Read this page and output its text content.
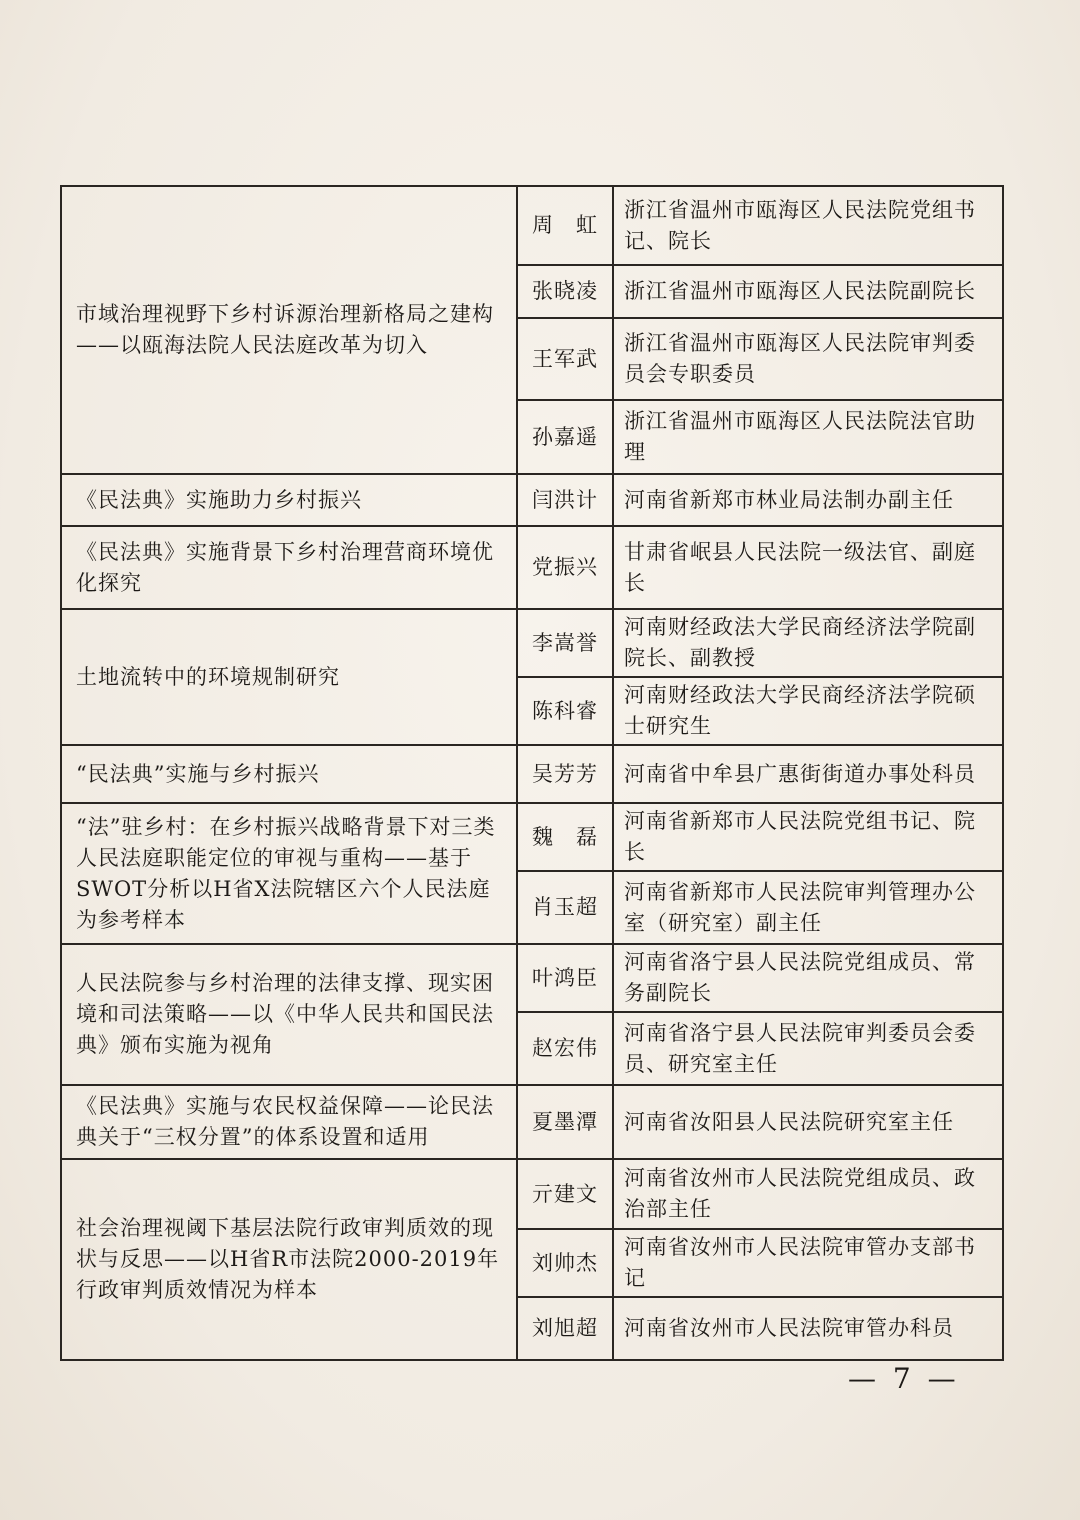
市域治理视野下乡村诉源治理新格局之建构——以瓯海法院人民法庭改革为切入	周　虹	浙江省温州市瓯海区人民法院党组书记、院长
	张晓凌	浙江省温州市瓯海区人民法院副院长
	王军武	浙江省温州市瓯海区人民法院审判委员会专职委员
	孙嘉遥	浙江省温州市瓯海区人民法院法官助理
《民法典》实施助力乡村振兴	闫洪计	河南省新郑市林业局法制办副主任
《民法典》实施背景下乡村治理营商环境优化探究	党振兴	甘肃省岷县人民法院一级法官、副庭长
土地流转中的环境规制研究	李嵩誉	河南财经政法大学民商经济法学院副院长、副教授
	陈科睿	河南财经政法大学民商经济法学院硕士研究生
“民法典”实施与乡村振兴	吴芳芳	河南省中牟县广惠街街道办事处科员
“法”驻乡村：在乡村振兴战略背景下对三类人民法庭职能定位的审视与重构——基于SWOT分析以H省X法院辖区六个人民法庭为参考样本	魏　磊	河南省新郑市人民法院党组书记、院长
	肖玉超	河南省新郑市人民法院审判管理办公室（研究室）副主任
人民法院参与乡村治理的法律支撑、现实困境和司法策略——以《中华人民共和国民法典》颁布实施为视角	叶鸿臣	河南省洛宁县人民法院党组成员、常务副院长
	赵宏伟	河南省洛宁县人民法院审判委员会委员、研究室主任
《民法典》实施与农民权益保障——论民法典关于“三权分置”的体系设置和适用	夏墨潭	河南省汝阳县人民法院研究室主任
社会治理视阈下基层法院行政审判质效的现状与反思——以H省R市法院2000-2019年行政审判质效情况为样本	亓建文	河南省汝州市人民法院党组成员、政治部主任
	刘帅杰	河南省汝州市人民法院审管办支部书记
	刘旭超	河南省汝州市人民法院审管办科员
— 7 —
